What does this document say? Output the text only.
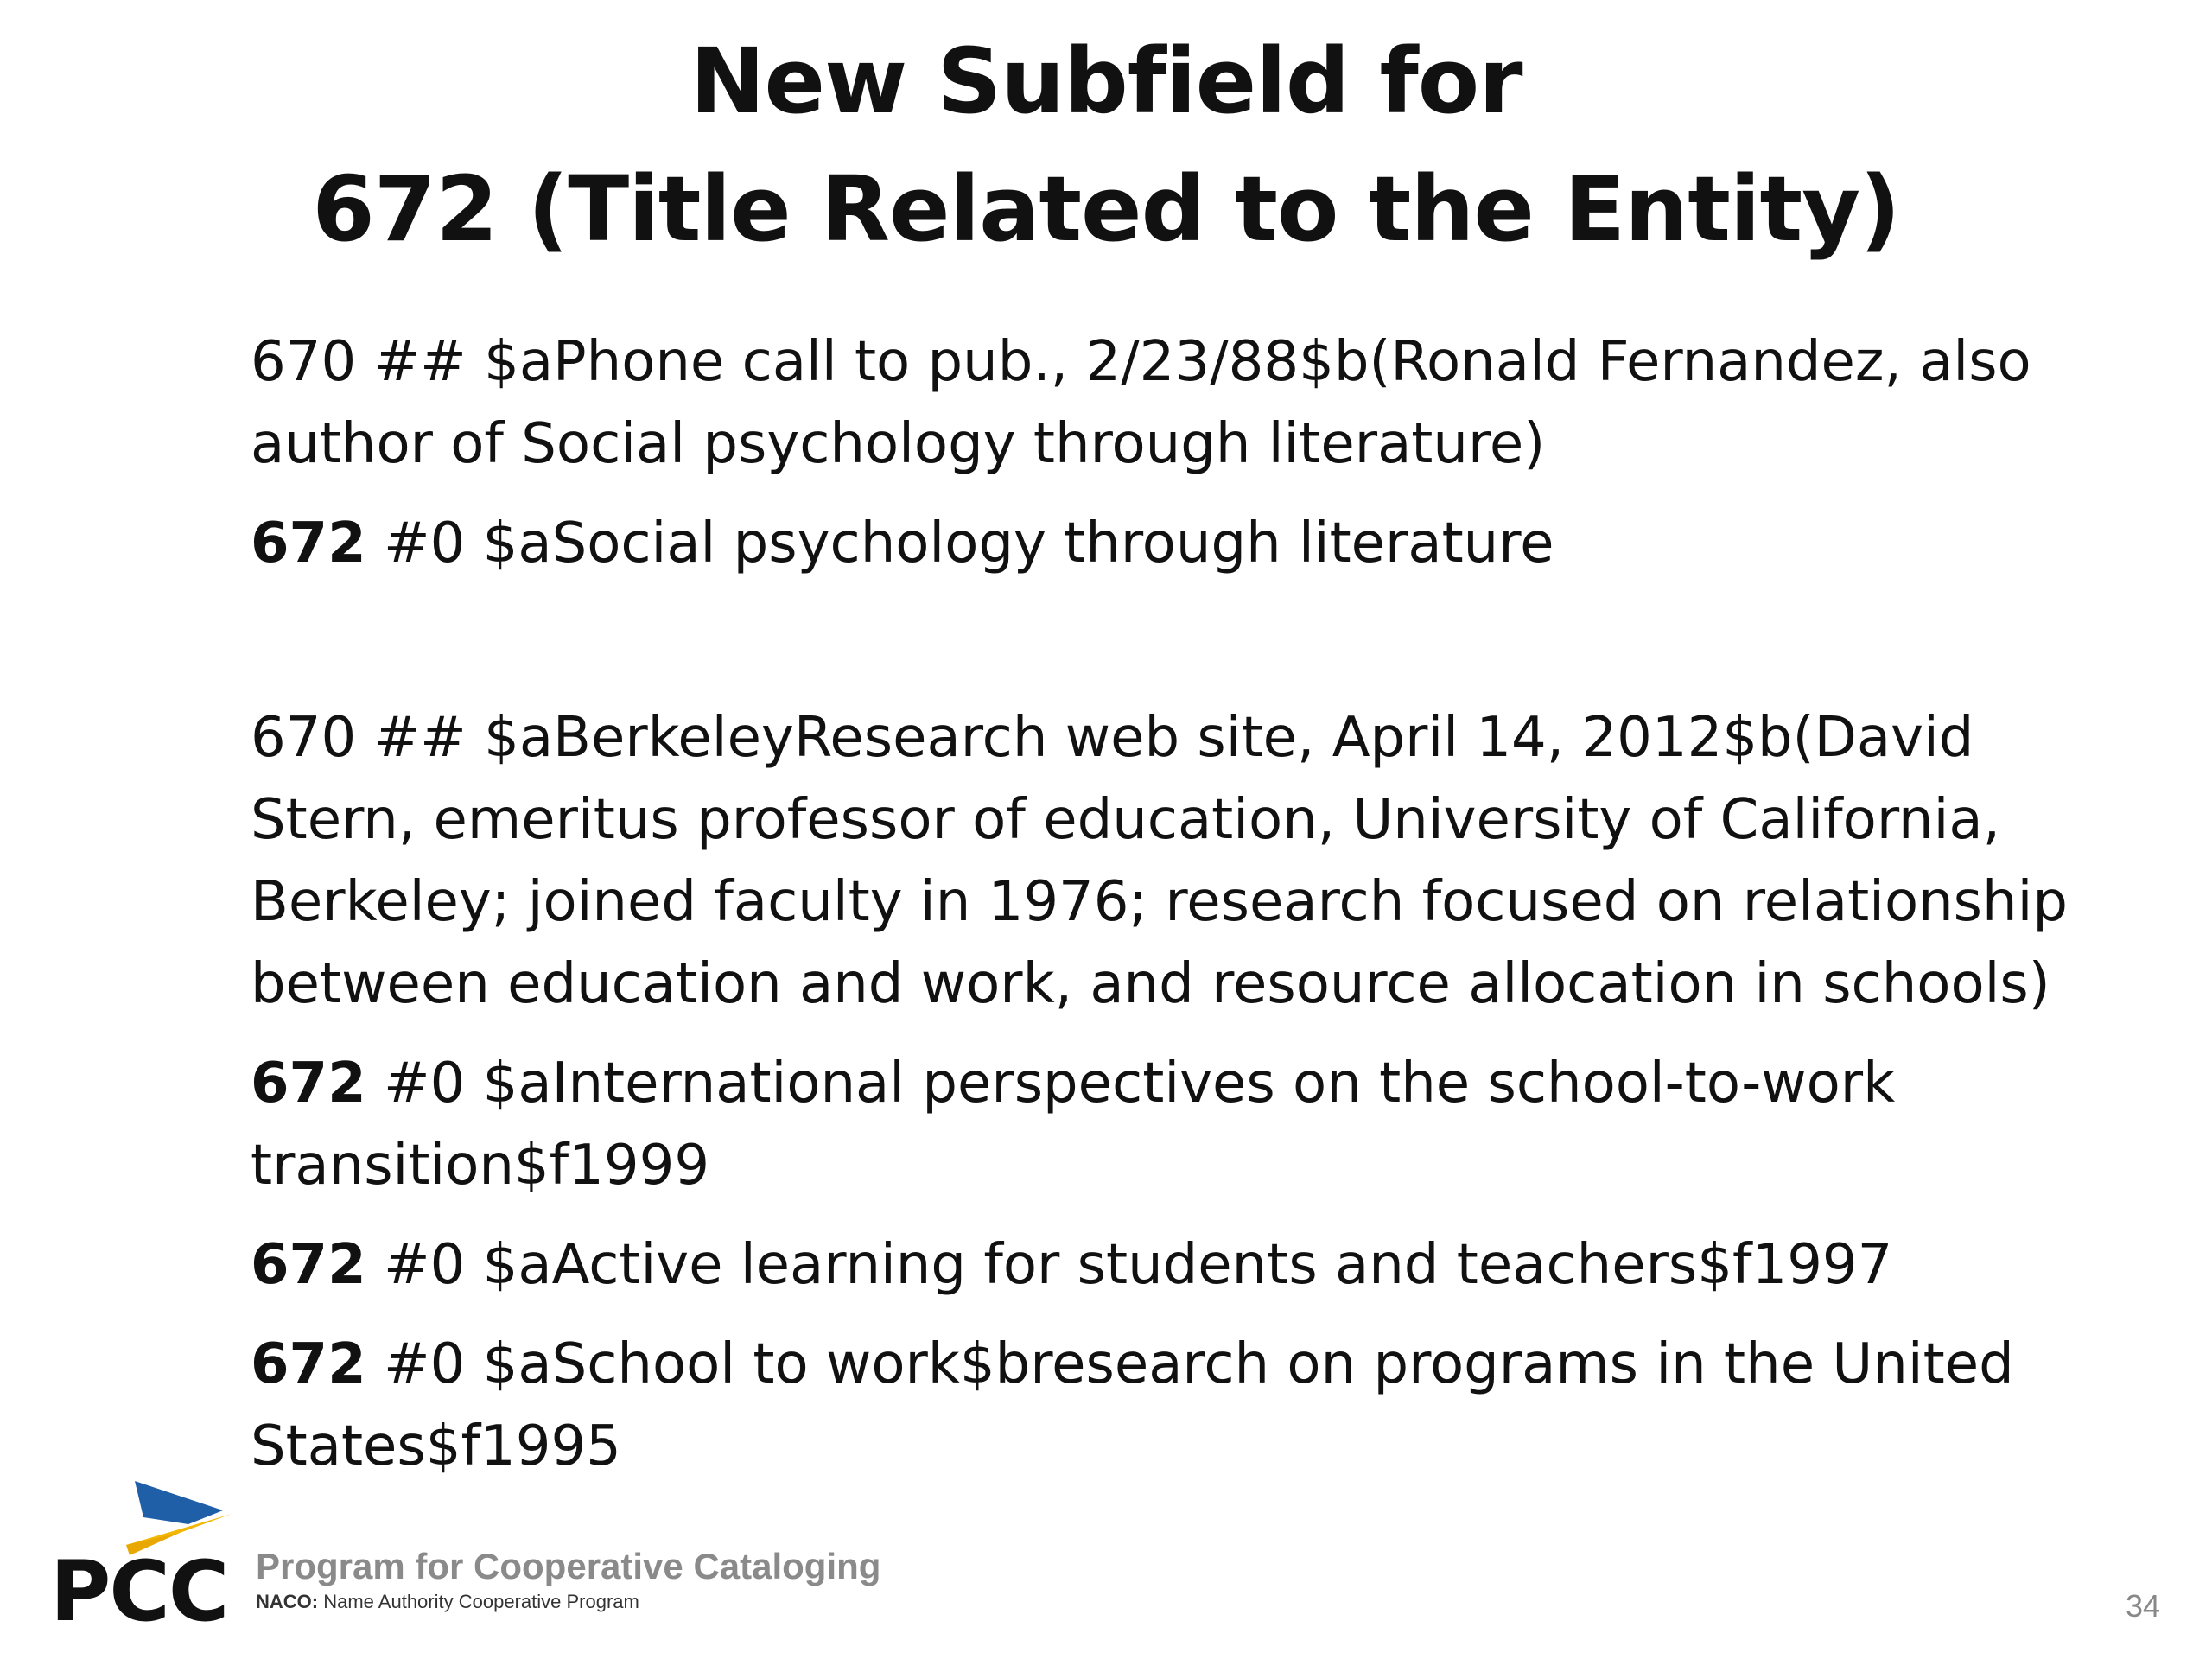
New Subfield for
672 (Title Related to the Entity)

670 ## $aPhone call to pub., 2/23/88$b(Ronald Fernandez, also author of Social psychology through literature)

672 #0 $aSocial psychology through literature

670 ## $aBerkeleyResearch web site, April 14, 2012$b(David Stern, emeritus professor of education, University of California, Berkeley; joined faculty in 1976; research focused on relationship between education and work, and resource allocation in schools)

672 #0 $aInternational perspectives on the school-to-work transition$f1999

672 #0 $aActive learning for students and teachers$f1997

672 #0 $aSchool to work$bresearch on programs in the United States$f1995

PCC Program for Cooperative Cataloging
NACO: Name Authority Cooperative Program	34
